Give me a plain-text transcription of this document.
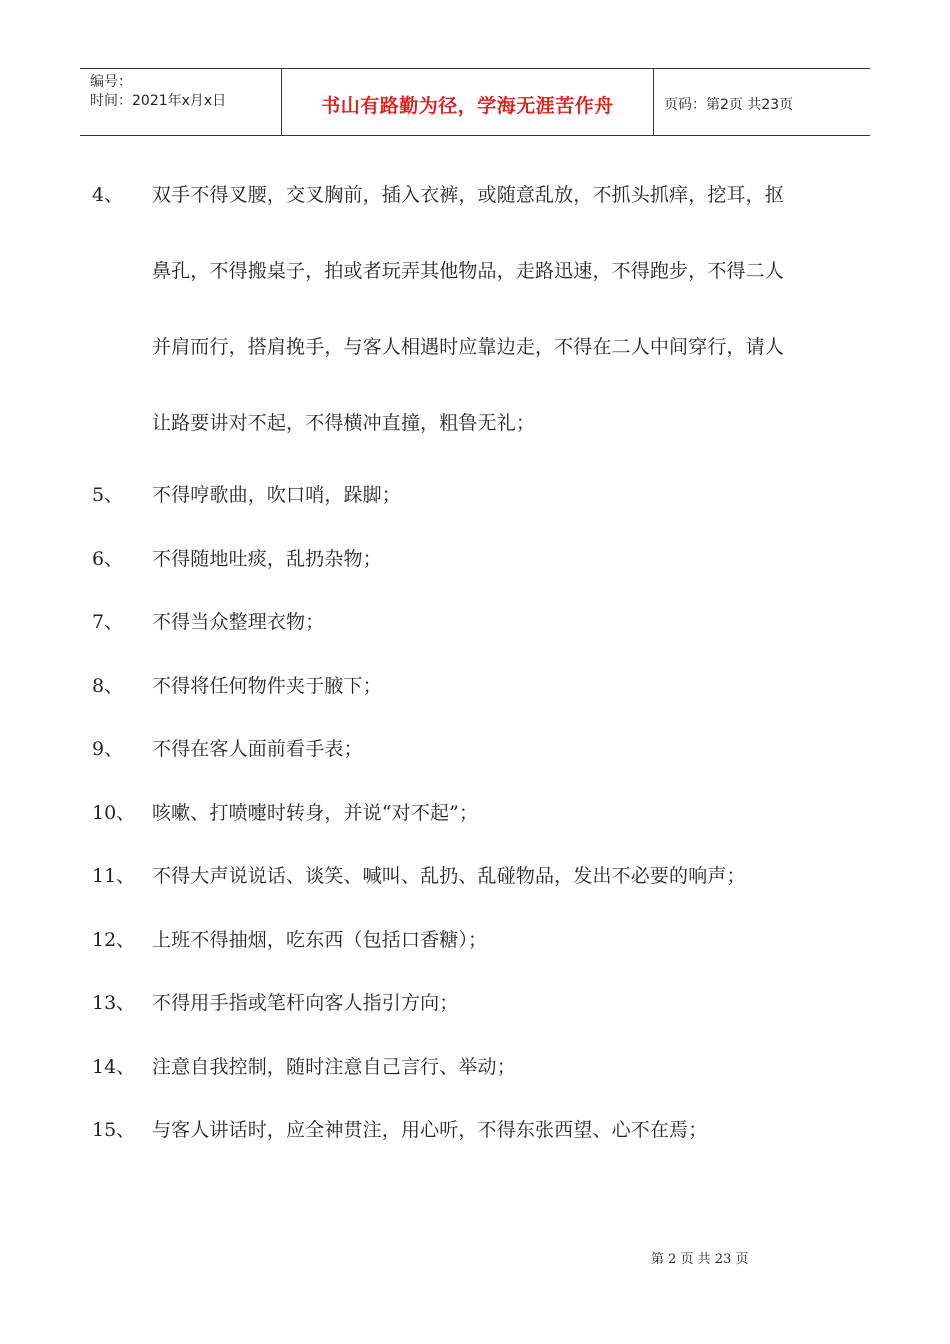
编号：
时间：2021年x月x日	书山有路勤为径，学海无涯苦作舟	页码：第2页 共23页
4、 双手不得叉腰，交叉胸前，插入衣裤，或随意乱放，不抓头抓痒，挖耳，抠
鼻孔，不得搬桌子，拍或者玩弄其他物品，走路迅速，不得跑步，不得二人
并肩而行，搭肩挽手，与客人相遇时应靠边走，不得在二人中间穿行，请人
让路要讲对不起，不得横冲直撞，粗鲁无礼；
5、 不得哼歌曲，吹口哨，跺脚；
6、 不得随地吐痰，乱扔杂物；
7、 不得当众整理衣物；
8、 不得将任何物件夹于腋下；
9、 不得在客人面前看手表；
10、 咳嗽、打喷嚏时转身，并说“对不起”；
11、 不得大声说说话、谈笑、喊叫、乱扔、乱碰物品，发出不必要的响声；
12、 上班不得抽烟，吃东西（包括口香糖）；
13、 不得用手指或笔杆向客人指引方向；
14、 注意自我控制，随时注意自己言行、举动；
15、 与客人讲话时，应全神贯注，用心听，不得东张西望、心不在焉；
第 2 页 共 23 页
